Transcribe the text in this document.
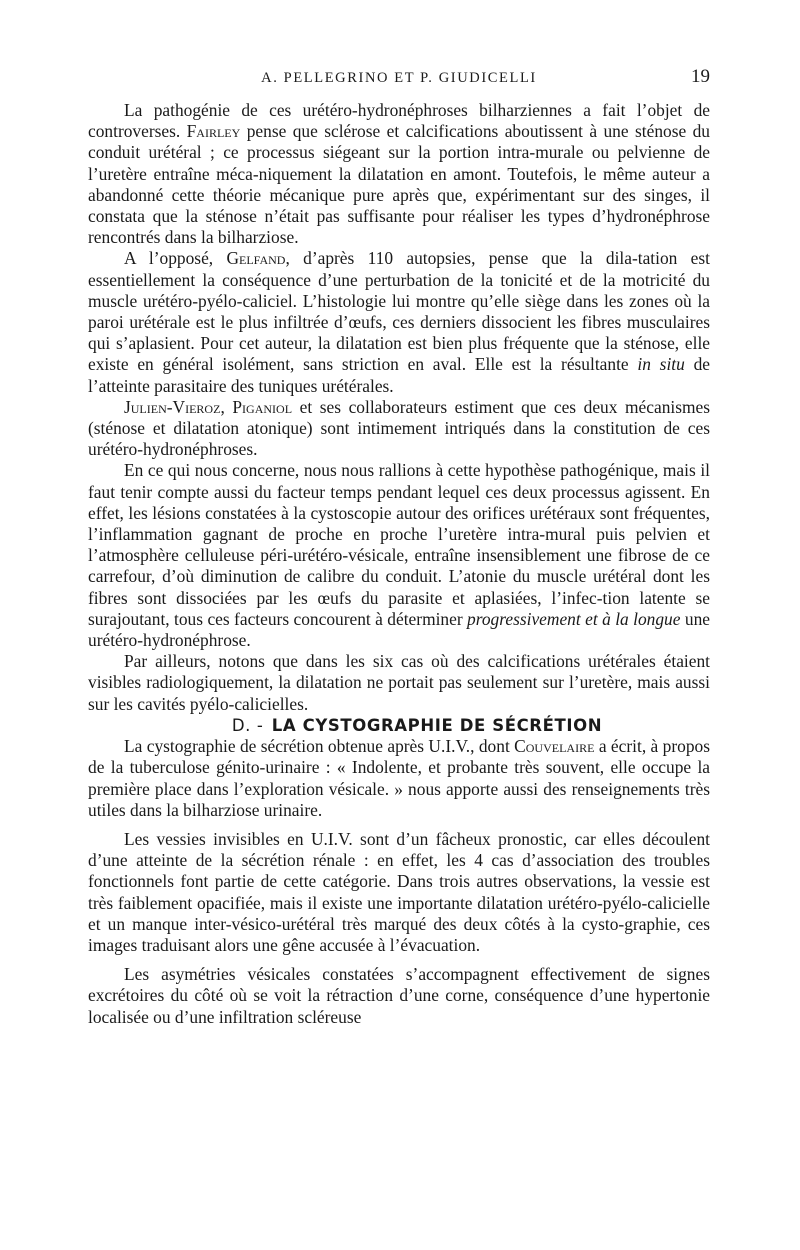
A. PELLEGRINO ET P. GIUDICELLI	19

La pathogénie de ces urétéro-hydronéphroses bilharziennes a fait l’objet de controverses. Fairley pense que sclérose et calcifications aboutissent à une sténose du conduit urétéral ; ce processus siégeant sur la portion intra-murale ou pelvienne de l’uretère entraîne méca-niquement la dilatation en amont. Toutefois, le même auteur a abandonné cette théorie mécanique pure après que, expérimentant sur des singes, il constata que la sténose n’était pas suffisante pour réaliser les types d’hydronéphrose rencontrés dans la bilharziose.

A l’opposé, Gelfand, d’après 110 autopsies, pense que la dila-tation est essentiellement la conséquence d’une perturbation de la tonicité et de la motricité du muscle urétéro-pyélo-caliciel. L’histologie lui montre qu’elle siège dans les zones où la paroi urétérale est le plus infiltrée d’œufs, ces derniers dissocient les fibres musculaires qui s’aplasient. Pour cet auteur, la dilatation est bien plus fréquente que la sténose, elle existe en général isolément, sans striction en aval. Elle est la résultante in situ de l’atteinte parasitaire des tuniques urétérales.

Julien-Vieroz, Piganiol et ses collaborateurs estiment que ces deux mécanismes (sténose et dilatation atonique) sont intimement intriqués dans la constitution de ces urétéro-hydronéphroses.

En ce qui nous concerne, nous nous rallions à cette hypothèse pathogénique, mais il faut tenir compte aussi du facteur temps pendant lequel ces deux processus agissent. En effet, les lésions constatées à la cystoscopie autour des orifices urétéraux sont fréquentes, l’inflammation gagnant de proche en proche l’uretère intra-mural puis pelvien et l’atmosphère celluleuse péri-urétéro-vésicale, entraîne insensiblement une fibrose de ce carrefour, d’où diminution de calibre du conduit. L’atonie du muscle urétéral dont les fibres sont dissociées par les œufs du parasite et aplasiées, l’infec-tion latente se surajoutant, tous ces facteurs concourent à déterminer progressivement et à la longue une urétéro-hydronéphrose.

Par ailleurs, notons que dans les six cas où des calcifications urétérales étaient visibles radiologiquement, la dilatation ne portait pas seulement sur l’uretère, mais aussi sur les cavités pyélo-calicielles.

D. - LA CYSTOGRAPHIE DE SÉCRÉTION

La cystographie de sécrétion obtenue après U.I.V., dont Couvelaire a écrit, à propos de la tuberculose génito-urinaire : « Indolente, et probante très souvent, elle occupe la première place dans l’exploration vésicale. » nous apporte aussi des renseignements très utiles dans la bilharziose urinaire.

Les vessies invisibles en U.I.V. sont d’un fâcheux pronostic, car elles découlent d’une atteinte de la sécrétion rénale : en effet, les 4 cas d’association des troubles fonctionnels font partie de cette catégorie. Dans trois autres observations, la vessie est très faiblement opacifiée, mais il existe une importante dilatation urétéro-pyélo-calicielle et un manque inter-vésico-urétéral très marqué des deux côtés à la cysto-graphie, ces images traduisant alors une gêne accusée à l’évacuation.

Les asymétries vésicales constatées s’accompagnent effectivement de signes excrétoires du côté où se voit la rétraction d’une corne, conséquence d’une hypertonie localisée ou d’une infiltration scléreuse
